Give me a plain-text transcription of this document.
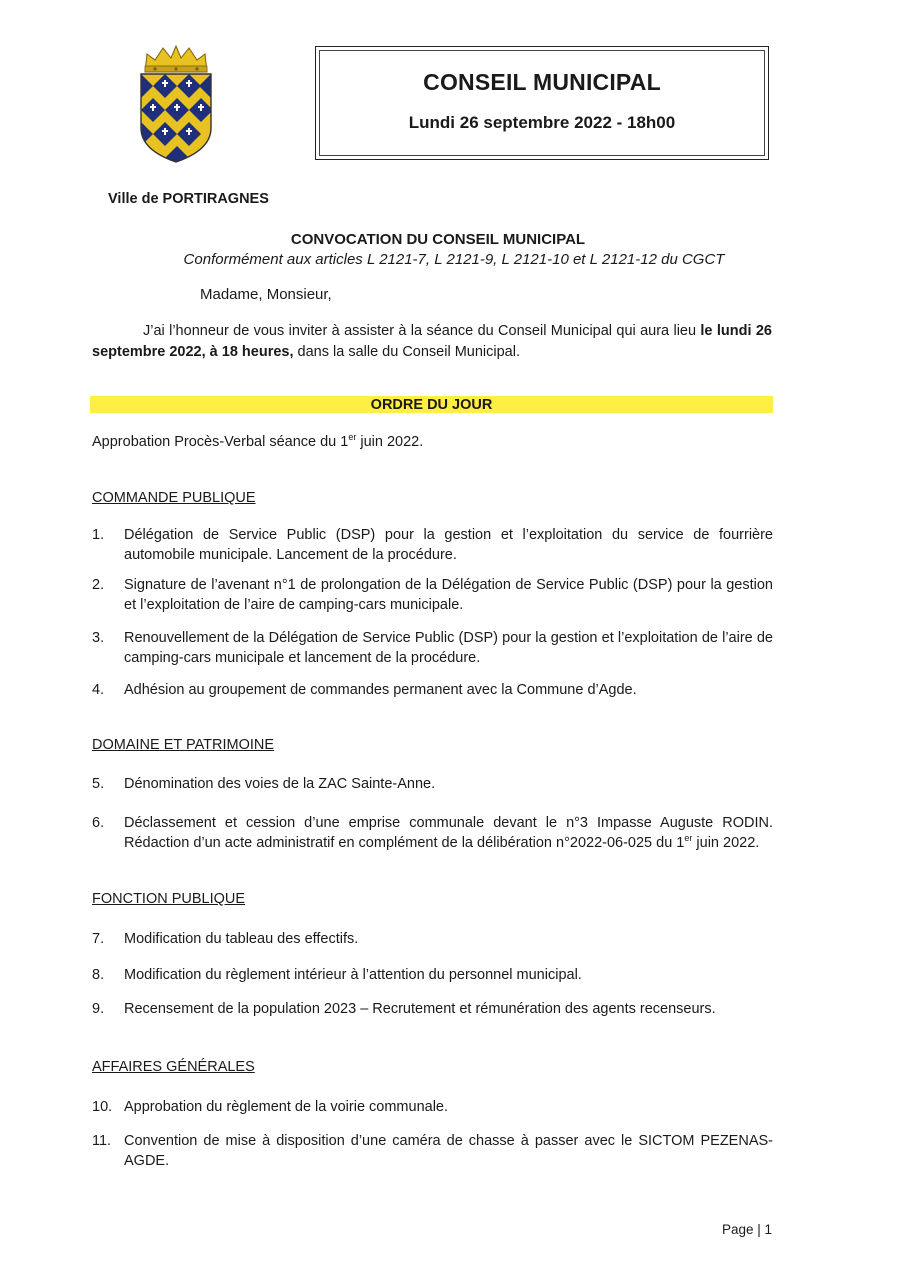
CONSEIL MUNICIPAL
Lundi 26 septembre 2022 - 18h00
Ville de PORTIRAGNES
CONVOCATION DU CONSEIL MUNICIPAL
Conformément aux articles L 2121-7, L 2121-9, L 2121-10 et L 2121-12 du CGCT
Madame, Monsieur,
J’ai l’honneur de vous inviter à assister à la séance du Conseil Municipal qui aura lieu le lundi 26 septembre 2022, à 18 heures, dans la salle du Conseil Municipal.
ORDRE DU JOUR
Approbation Procès-Verbal séance du 1er juin 2022.
COMMANDE PUBLIQUE
1.	Délégation de Service Public (DSP) pour la gestion et l’exploitation du service de fourrière automobile municipale. Lancement de la procédure.
2.	Signature de l’avenant n°1 de prolongation de la Délégation de Service Public (DSP) pour la gestion et l’exploitation de l’aire de camping-cars municipale.
3.	Renouvellement de la Délégation de Service Public (DSP) pour la gestion et l’exploitation de l’aire de camping-cars municipale et lancement de la procédure.
4.	Adhésion au groupement de commandes permanent avec la Commune d’Agde.
DOMAINE ET PATRIMOINE
5.	Dénomination des voies de la ZAC Sainte-Anne.
6.	Déclassement et cession d’une emprise communale devant le n°3 Impasse Auguste RODIN. Rédaction d’un acte administratif en complément de la délibération n°2022-06-025 du 1er juin 2022.
FONCTION PUBLIQUE
7.	Modification du tableau des effectifs.
8.	Modification du règlement intérieur à l’attention du personnel municipal.
9.	Recensement de la population 2023 – Recrutement et rémunération des agents recenseurs.
AFFAIRES GÉNÉRALES
10. Approbation du règlement de la voirie communale.
11. Convention de mise à disposition d’une caméra de chasse à passer avec le SICTOM PEZENAS-AGDE.
Page | 1
